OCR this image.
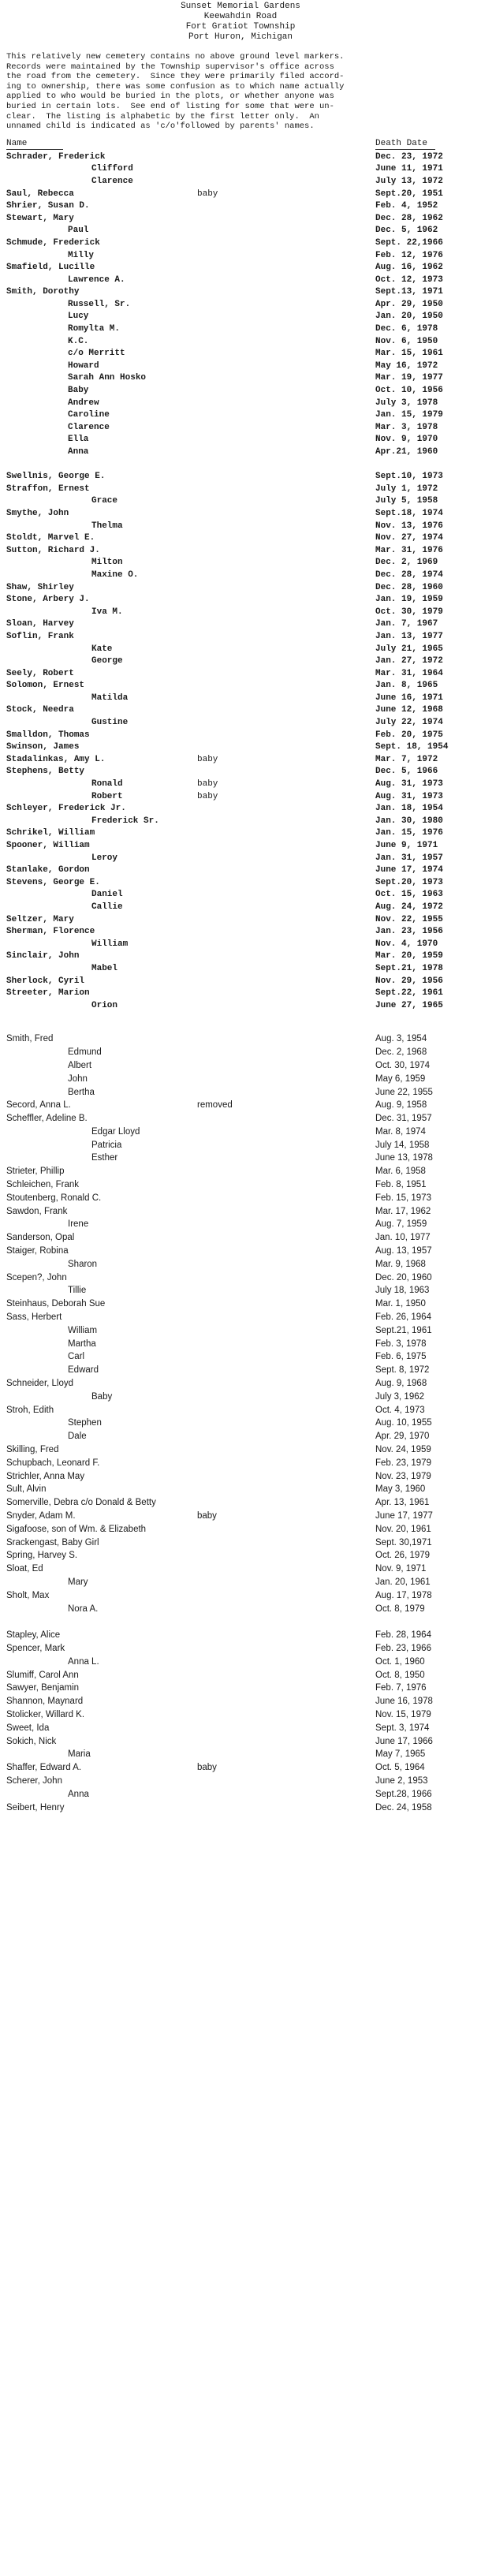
Sunset Memorial Gardens
Keewahdin Road
Fort Gratiot Township
Port Huron, Michigan
This relatively new cemetery contains no above ground level markers.
Records were maintained by the Township supervisor's office across
the road from the cemetery.  Since they were primarily filed accord-
ing to ownership, there was some confusion as to which name actually
applied to who would be buried in the plots, or whether anyone was
buried in certain lots.  See end of listing for some that were un-
clear.  The listing is alphabetic by the first letter only.  An
unnamed child is indicated as 'c/o'followed by parents' names.
Name	Death Date
Schrader, Frederick	Dec. 23, 1972
Clifford	June 11, 1971
Clarence	July 13, 1972
Saul, Rebecca	baby	Sept.20, 1951
Shrier, Susan D.	Feb. 4, 1952
Stewart, Mary	Dec. 28, 1962
Paul	Dec. 5, 1962
Schmude, Frederick	Sept. 22,1966
Milly	Feb. 12, 1976
Smafield, Lucille	Aug. 16, 1962
Lawrence A.	Oct. 12, 1973
Smith, Dorothy	Sept.13, 1971
Russell, Sr.	Apr. 29, 1950
Lucy	Jan. 20, 1950
Romylta M.	Dec. 6, 1978
K.C.	Nov. 6, 1950
c/o Merritt	Mar. 15, 1961
Howard	May 16, 1972
Sarah Ann Hosko	Mar. 19, 1977
Baby	Oct. 10, 1956
Andrew	July 3, 1978
Caroline	Jan. 15, 1979
Clarence	Mar. 3, 1978
Ella	Nov. 9, 1970
Anna	Apr.21, 1960
Swellnis, George E.	Sept.10, 1973
Straffon, Ernest	July 1, 1972
Grace	July 5, 1958
Smythe, John	Sept.18, 1974
Thelma	Nov. 13, 1976
Stoldt, Marvel E.	Nov. 27, 1974
Sutton, Richard J.	Mar. 31, 1976
Milton	Dec. 2, 1969
Maxine O.	Dec. 28, 1974
Shaw, Shirley	Dec. 28, 1960
Stone, Arbery J.	Jan. 19, 1959
Iva M.	Oct. 30, 1979
Sloan, Harvey	Jan. 7, 1967
Soflin, Frank	Jan. 13, 1977
Kate	July 21, 1965
George	Jan. 27, 1972
Seely, Robert	Mar. 31, 1964
Solomon, Ernest	Jan. 8, 1965
Matilda	June 16, 1971
Stock, Needra	June 12, 1968
Gustine	July 22, 1974
Smalldon, Thomas	Feb. 20, 1975
Swinson, James	Sept. 18, 1954
Stadalinkas, Amy L.	baby	Mar. 7, 1972
Stephens, Betty	Dec. 5, 1966
Ronald	baby	Aug. 31, 1973
Robert	baby	Aug. 31, 1973
Schleyer, Frederick Jr.	Jan. 18, 1954
Frederick Sr.	Jan. 30, 1980
Schrikel, William	Jan. 15, 1976
Spooner, William	June 9, 1971
Leroy	Jan. 31, 1957
Stanlake, Gordon	June 17, 1974
Stevens, George E.	Sept.20, 1973
Daniel	Oct. 15, 1963
Callie	Aug. 24, 1972
Seltzer, Mary	Nov. 22, 1955
Sherman, Florence	Jan. 23, 1956
William	Nov. 4, 1970
Sinclair, John	Mar. 20, 1959
Mabel	Sept.21, 1978
Sherlock, Cyril	Nov. 29, 1956
Streeter, Marion	Sept.22, 1961
Orion	June 27, 1965
Smith, Fred	Aug. 3, 1954
Edmund	Dec. 2, 1968
Albert	Oct. 30, 1974
John	May 6, 1959
Bertha	June 22, 1955
Secord, Anna L.	removed	Aug. 9, 1958
Scheffler, Adeline B.	Dec. 31, 1957
Edgar Lloyd	Mar. 8, 1974
Patricia	July 14, 1958
Esther	June 13, 1978
Strieter, Phillip	Mar. 6, 1958
Schleichen, Frank	Feb. 8, 1951
Stoutenberg, Ronald C.	Feb. 15, 1973
Sawdon, Frank	Mar. 17, 1962
Irene	Aug. 7, 1959
Sanderson, Opal	Jan. 10, 1977
Staiger, Robina	Aug. 13, 1957
Sharon	Mar. 9, 1968
Scepen?, John	Dec. 20, 1960
Tillie	July 18, 1963
Steinhaus, Deborah Sue	Mar. 1, 1950
Sass, Herbert	Feb. 26, 1964
William	Sept.21, 1961
Martha	Feb. 3, 1978
Carl	Feb. 6, 1975
Edward	Sept. 8, 1972
Schneider, Lloyd	Aug. 9, 1968
Baby	July 3, 1962
Stroh, Edith	Oct. 4, 1973
Stephen	Aug. 10, 1955
Dale	Apr. 29, 1970
Skilling, Fred	Nov. 24, 1959
Schupbach, Leonard F.	Feb. 23, 1979
Strichler, Anna May	Nov. 23, 1979
Sult, Alvin	May 3, 1960
Somerville, Debra c/o Donald & Betty	Apr. 13, 1961
Snyder, Adam M.	baby	June 17, 1977
Sigafoose, son of Wm. & Elizabeth	Nov. 20, 1961
Srackengast, Baby Girl	Sept. 30,1971
Spring, Harvey S.	Oct. 26, 1979
Sloat, Ed	Nov. 9, 1971
Mary	Jan. 20, 1961
Sholt, Max	Aug. 17, 1978
Nora A.	Oct. 8, 1979
Stapley, Alice	Feb. 28, 1964
Spencer, Mark	Feb. 23, 1966
Anna L.	Oct. 1, 1960
Slumiff, Carol Ann	Oct. 8, 1950
Sawyer, Benjamin	Feb. 7, 1976
Shannon, Maynard	June 16, 1978
Stolicker, Willard K.	Nov. 15, 1979
Sweet, Ida	Sept. 3, 1974
Sokich, Nick	June 17, 1966
Maria	May 7, 1965
Shaffer, Edward A.	baby	Oct. 5, 1964
Scherer, John	June 2, 1953
Anna	Sept.28, 1966
Seibert, Henry	Dec. 24, 1958
